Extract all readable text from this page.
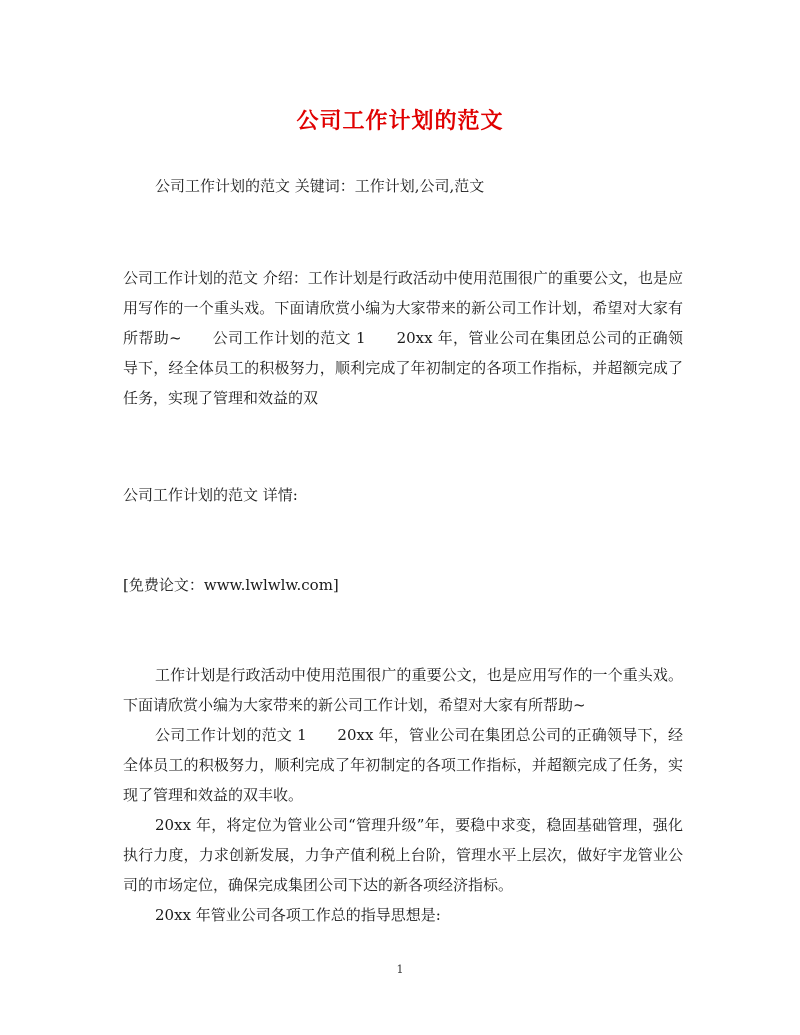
公司工作计划的范文

公司工作计划的范文 关键词：工作计划,公司,范文

公司工作计划的范文 介绍：工作计划是行政活动中使用范围很广的重要公文，也是应用写作的一个重头戏。下面请欣赏小编为大家带来的新公司工作计划，希望对大家有所帮助~　　公司工作计划的范文 1　　20xx 年，管业公司在集团总公司的正确领导下，经全体员工的积极努力，顺利完成了年初制定的各项工作指标，并超额完成了任务，实现了管理和效益的双

公司工作计划的范文 详情:

[免费论文：www.lwlwlw.com]

工作计划是行政活动中使用范围很广的重要公文，也是应用写作的一个重头戏。下面请欣赏小编为大家带来的新公司工作计划，希望对大家有所帮助~

公司工作计划的范文 1　　20xx 年，管业公司在集团总公司的正确领导下，经全体员工的积极努力，顺利完成了年初制定的各项工作指标，并超额完成了任务，实现了管理和效益的双丰收。

20xx 年，将定位为管业公司“管理升级”年，要稳中求变，稳固基础管理，强化执行力度，力求创新发展，力争产值利税上台阶，管理水平上层次，做好宇龙管业公司的市场定位，确保完成集团公司下达的新各项经济指标。

20xx 年管业公司各项工作总的指导思想是:

1
